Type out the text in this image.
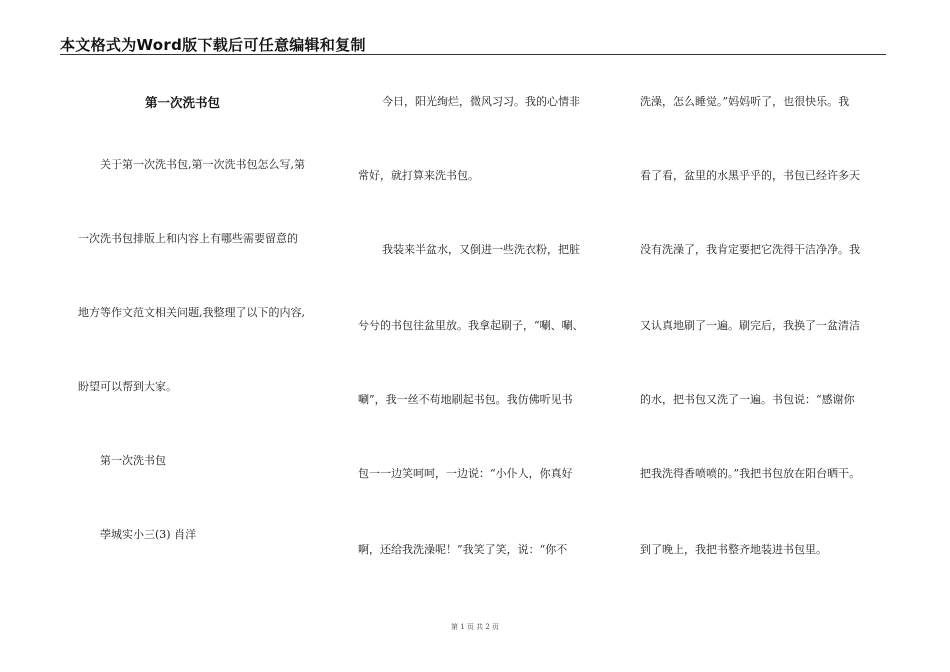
本文格式为Word版下载后可任意编辑和复制
第一次洗书包
关于第一次洗书包,第一次洗书包怎么写,第
一次洗书包排版上和内容上有哪些需要留意的
地方等作文范文相关问题,我整理了以下的内容,
盼望可以帮到大家。
第一次洗书包
荸城实小三(3) 肖洋
今日，阳光绚烂，微风习习。我的心情非
常好，就打算来洗书包。
我装来半盆水，又倒进一些洗衣粉，把脏
兮兮的书包往盆里放。我拿起刷子，“唰、唰、
唰”，我一丝不苟地刷起书包。我仿佛听见书
包一一边笑呵呵，一边说：“小仆人，你真好
啊，还给我洗澡呢！”我笑了笑，说：“你不
洗澡，怎么睡觉。”妈妈听了，也很快乐。我
看了看，盆里的水黑乎乎的，书包已经许多天
没有洗澡了，我肯定要把它洗得干洁净净。我
又认真地刷了一遍。刷完后，我换了一盆清洁
的水，把书包又洗了一遍。书包说：“感谢你
把我洗得香喷喷的。”我把书包放在阳台晒干。
到了晚上，我把书整齐地装进书包里。
第 1 页 共 2 页
